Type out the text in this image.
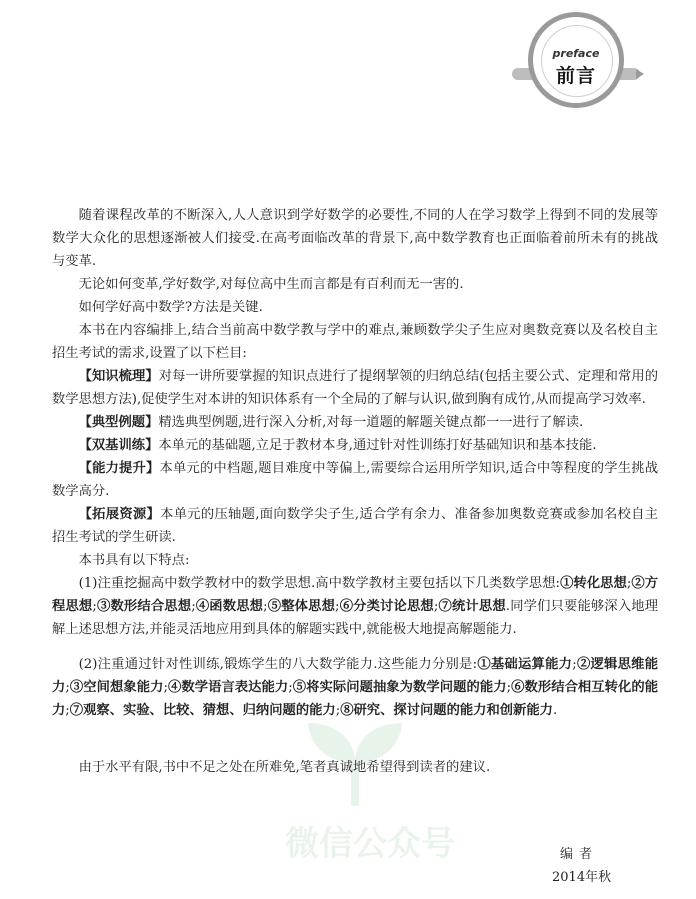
preface
前言
微信公众号

随着课程改革的不断深入,人人意识到学好数学的必要性,不同的人在学习数学上得到不同的发展等数学大众化的思想逐渐被人们接受.在高考面临改革的背景下,高中数学教育也正面临着前所未有的挑战与变革.

无论如何变革,学好数学,对每位高中生而言都是有百利而无一害的.

如何学好高中数学?方法是关键.

本书在内容编排上,结合当前高中数学教与学中的难点,兼顾数学尖子生应对奥数竞赛以及名校自主招生考试的需求,设置了以下栏目:

【知识梳理】对每一讲所要掌握的知识点进行了提纲挈领的归纳总结(包括主要公式、定理和常用的数学思想方法),促使学生对本讲的知识体系有一个全局的了解与认识,做到胸有成竹,从而提高学习效率.

【典型例题】精选典型例题,进行深入分析,对每一道题的解题关键点都一一进行了解读.

【双基训练】本单元的基础题,立足于教材本身,通过针对性训练打好基础知识和基本技能.

【能力提升】本单元的中档题,题目难度中等偏上,需要综合运用所学知识,适合中等程度的学生挑战数学高分.

【拓展资源】本单元的压轴题,面向数学尖子生,适合学有余力、准备参加奥数竞赛或参加名校自主招生考试的学生研读.

本书具有以下特点:

(1)注重挖掘高中数学教材中的数学思想.高中数学教材主要包括以下几类数学思想:①转化思想;②方程思想;③数形结合思想;④函数思想;⑤整体思想;⑥分类讨论思想;⑦统计思想.同学们只要能够深入地理解上述思想方法,并能灵活地应用到具体的解题实践中,就能极大地提高解题能力.

(2)注重通过针对性训练,锻炼学生的八大数学能力.这些能力分别是:①基础运算能力;②逻辑思维能力;③空间想象能力;④数学语言表达能力;⑤将实际问题抽象为数学问题的能力;⑥数形结合相互转化的能力;⑦观察、实验、比较、猜想、归纳问题的能力;⑧研究、探讨问题的能力和创新能力.

由于水平有限,书中不足之处在所难免,笔者真诚地希望得到读者的建议.

编者
2014年秋
